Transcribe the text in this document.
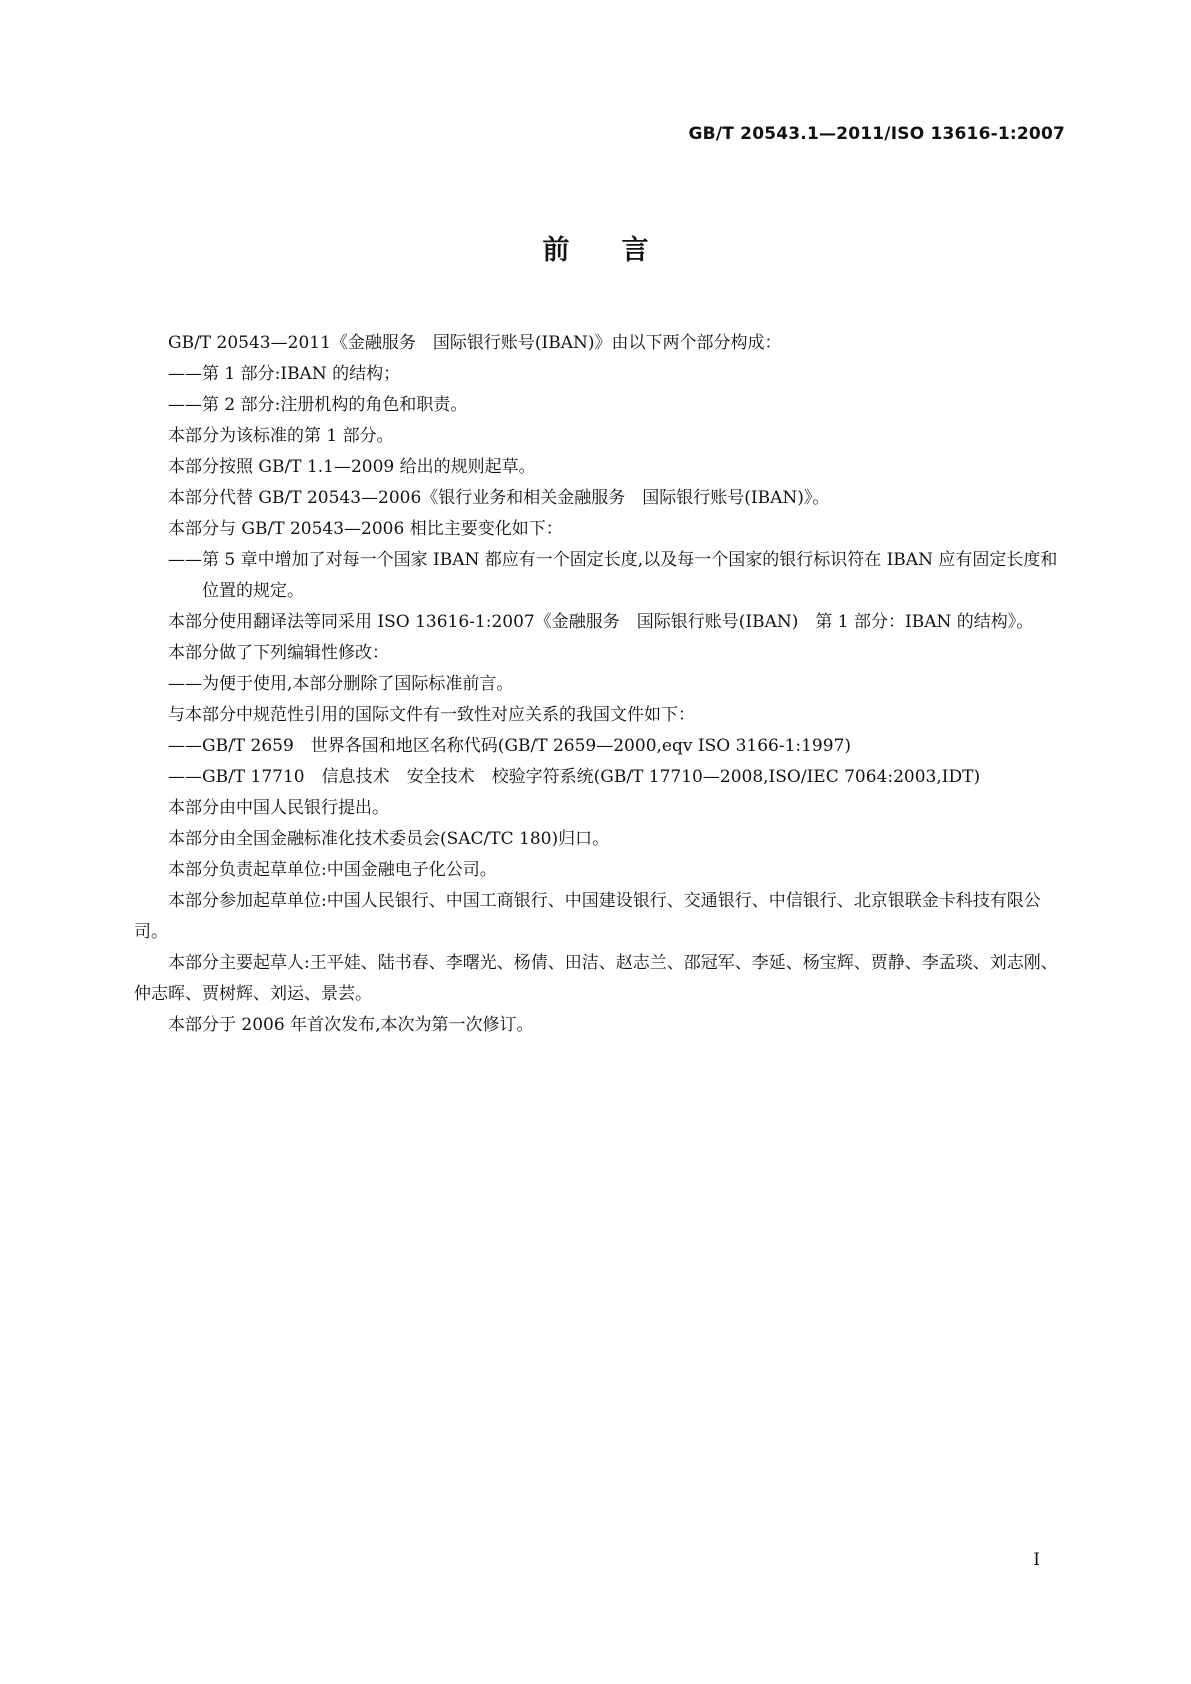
GB/T 20543.1—2011/ISO 13616-1:2007
前言

GB/T 20543—2011《金融服务　国际银行账号(IBAN)》由以下两个部分构成：

——第 1 部分:IBAN 的结构；

——第 2 部分:注册机构的角色和职责。

本部分为该标准的第 1 部分。

本部分按照 GB/T 1.1—2009 给出的规则起草。

本部分代替 GB/T 20543—2006《银行业务和相关金融服务　国际银行账号(IBAN)》。

本部分与 GB/T 20543—2006 相比主要变化如下：

——第 5 章中增加了对每一个国家 IBAN 都应有一个固定长度,以及每一个国家的银行标识符在 IBAN 应有固定长度和位置的规定。

本部分使用翻译法等同采用 ISO 13616-1:2007《金融服务　国际银行账号(IBAN)　第 1 部分：IBAN 的结构》。

本部分做了下列编辑性修改：

——为便于使用,本部分删除了国际标准前言。

与本部分中规范性引用的国际文件有一致性对应关系的我国文件如下：

——GB/T 2659　世界各国和地区名称代码(GB/T 2659—2000,eqv ISO 3166-1:1997)

——GB/T 17710　信息技术　安全技术　校验字符系统(GB/T 17710—2008,ISO/IEC 7064:2003,IDT)

本部分由中国人民银行提出。

本部分由全国金融标准化技术委员会(SAC/TC 180)归口。

本部分负责起草单位:中国金融电子化公司。

本部分参加起草单位:中国人民银行、中国工商银行、中国建设银行、交通银行、中信银行、北京银联金卡科技有限公司。

本部分主要起草人:王平娃、陆书春、李曙光、杨倩、田洁、赵志兰、邵冠军、李延、杨宝辉、贾静、李孟琰、刘志刚、仲志晖、贾树辉、刘运、景芸。

本部分于 2006 年首次发布,本次为第一次修订。

I
